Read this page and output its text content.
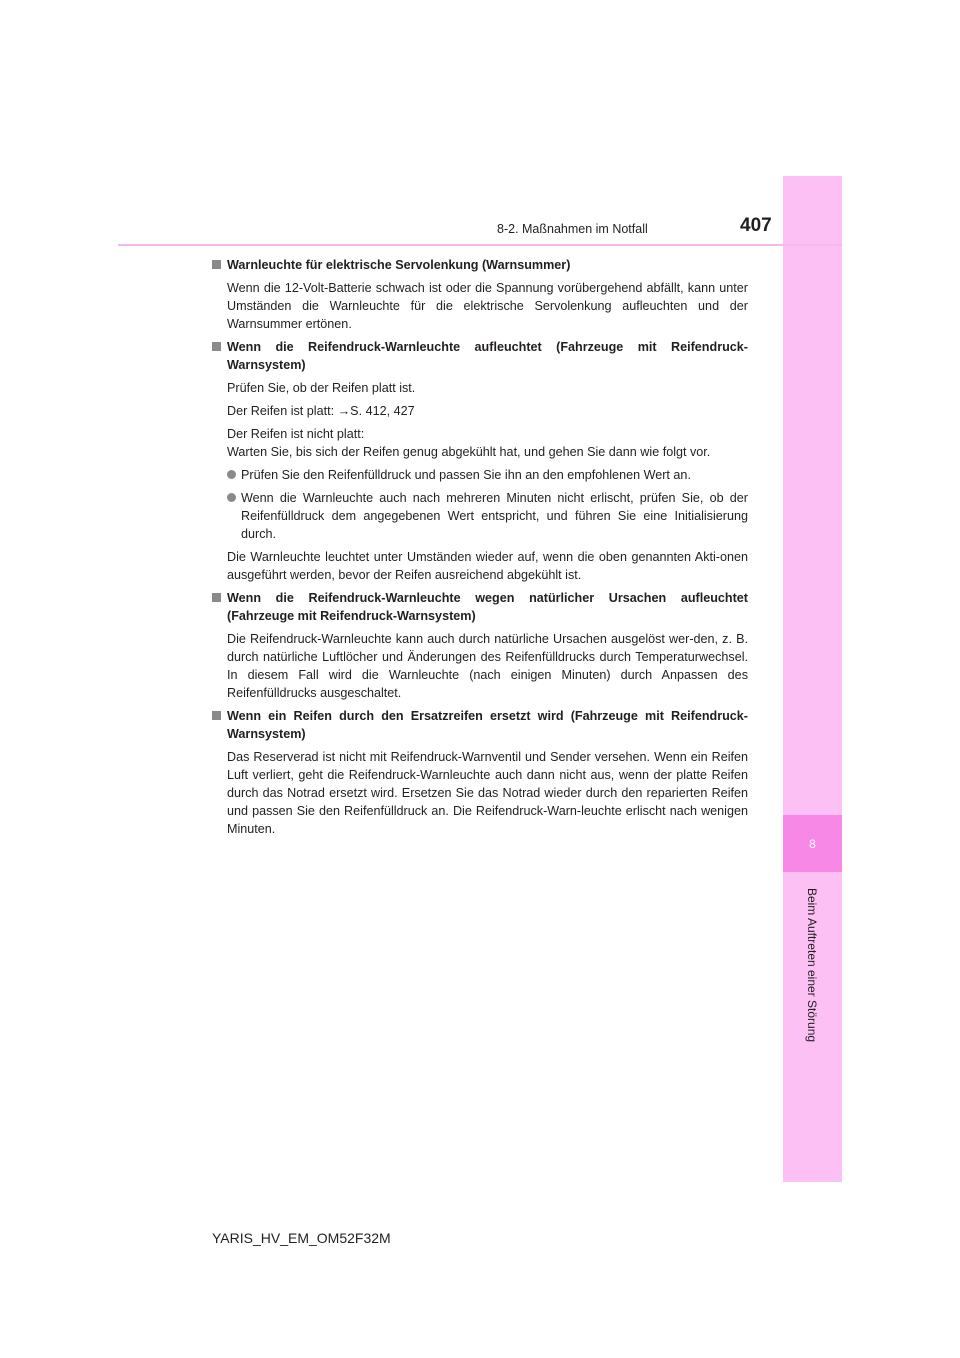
8
Beim Auftreten einer Störung
8-2. Maßnahmen im Notfall	407
Warnleuchte für elektrische Servolenkung (Warnsummer)
Wenn die 12-Volt-Batterie schwach ist oder die Spannung vorübergehend abfällt, kann unter Umständen die Warnleuchte für die elektrische Servolenkung aufleuchten und der Warnsummer ertönen.
Wenn die Reifendruck-Warnleuchte aufleuchtet (Fahrzeuge mit Reifendruck-Warnsystem)
Prüfen Sie, ob der Reifen platt ist.
Der Reifen ist platt: →S. 412, 427
Der Reifen ist nicht platt:
Warten Sie, bis sich der Reifen genug abgekühlt hat, und gehen Sie dann wie folgt vor.
Prüfen Sie den Reifenfülldruck und passen Sie ihn an den empfohlenen Wert an.
Wenn die Warnleuchte auch nach mehreren Minuten nicht erlischt, prüfen Sie, ob der Reifenfülldruck dem angegebenen Wert entspricht, und führen Sie eine Initialisierung durch.
Die Warnleuchte leuchtet unter Umständen wieder auf, wenn die oben genannten Akti-onen ausgeführt werden, bevor der Reifen ausreichend abgekühlt ist.
Wenn die Reifendruck-Warnleuchte wegen natürlicher Ursachen aufleuchtet (Fahrzeuge mit Reifendruck-Warnsystem)
Die Reifendruck-Warnleuchte kann auch durch natürliche Ursachen ausgelöst wer-den, z. B. durch natürliche Luftlöcher und Änderungen des Reifenfülldrucks durch Temperaturwechsel. In diesem Fall wird die Warnleuchte (nach einigen Minuten) durch Anpassen des Reifenfülldrucks ausgeschaltet.
Wenn ein Reifen durch den Ersatzreifen ersetzt wird (Fahrzeuge mit Reifendruck-Warnsystem)
Das Reserverad ist nicht mit Reifendruck-Warnventil und Sender versehen. Wenn ein Reifen Luft verliert, geht die Reifendruck-Warnleuchte auch dann nicht aus, wenn der platte Reifen durch das Notrad ersetzt wird. Ersetzen Sie das Notrad wieder durch den reparierten Reifen und passen Sie den Reifenfülldruck an. Die Reifendruck-Warn-leuchte erlischt nach wenigen Minuten.
YARIS_HV_EM_OM52F32M
